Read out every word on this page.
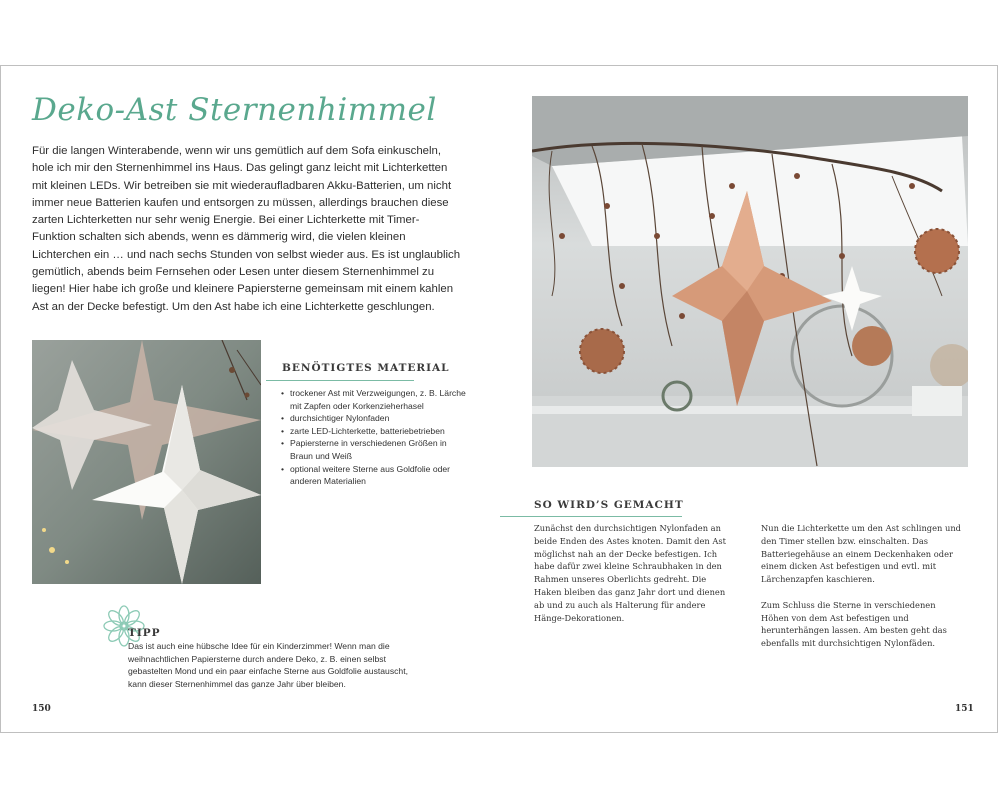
Deko-Ast Sternenhimmel

Für die langen Winterabende, wenn wir uns gemütlich auf dem Sofa einkuscheln, hole ich mir den Sternenhimmel ins Haus. Das gelingt ganz leicht mit Lichterketten mit kleinen LEDs. Wir betreiben sie mit wiederaufladbaren Akku-Batterien, um nicht immer neue Batterien kaufen und entsorgen zu müssen, allerdings brauchen diese zarten Lichterketten nur sehr wenig Energie. Bei einer Lichterkette mit Timer-Funktion schalten sich abends, wenn es dämmerig wird, die vielen kleinen Lichterchen ein … und nach sechs Stunden von selbst wieder aus. Es ist unglaublich gemütlich, abends beim Fernsehen oder Lesen unter diesem Sternenhimmel zu liegen! Hier habe ich große und kleinere Papiersterne gemeinsam mit einem kahlen Ast an der Decke befestigt. Um den Ast habe ich eine Lichterkette geschlungen.

BENÖTIGTES MATERIAL
• trockener Ast mit Verzweigungen, z. B. Lärche mit Zapfen oder Korkenzieherhasel
• durchsichtiger Nylonfaden
• zarte LED-Lichterkette, batteriebetrieben
• Papiersterne in verschiedenen Größen in Braun und Weiß
• optional weitere Sterne aus Goldfolie oder anderen Materialien
TIPP

Das ist auch eine hübsche Idee für ein Kinderzimmer! Wenn man die weihnachtlichen Papiersterne durch andere Deko, z. B. einen selbst gebastelten Mond und ein paar einfache Sterne aus Goldfolie austauscht, kann dieser Sternenhimmel das ganze Jahr über bleiben.

SO WIRD’S GEMACHT

Zunächst den durchsichtigen Nylonfaden an beide Enden des Astes knoten. Damit den Ast möglichst nah an der Decke befestigen. Ich habe dafür zwei kleine Schraubhaken in den Rahmen unseres Oberlichts gedreht. Die Haken bleiben das ganz Jahr dort und dienen ab und zu auch als Halterung für andere Hänge-Dekorationen.

Nun die Lichterkette um den Ast schlingen und den Timer stellen bzw. einschalten. Das Batteriegehäuse an einem Deckenhaken oder einem dicken Ast befestigen und evtl. mit Lärchenzapfen kaschieren.

Zum Schluss die Sterne in verschiedenen Höhen von dem Ast befestigen und herunterhängen lassen. Am besten geht das ebenfalls mit durchsichtigen Nylonfäden.

150	151
